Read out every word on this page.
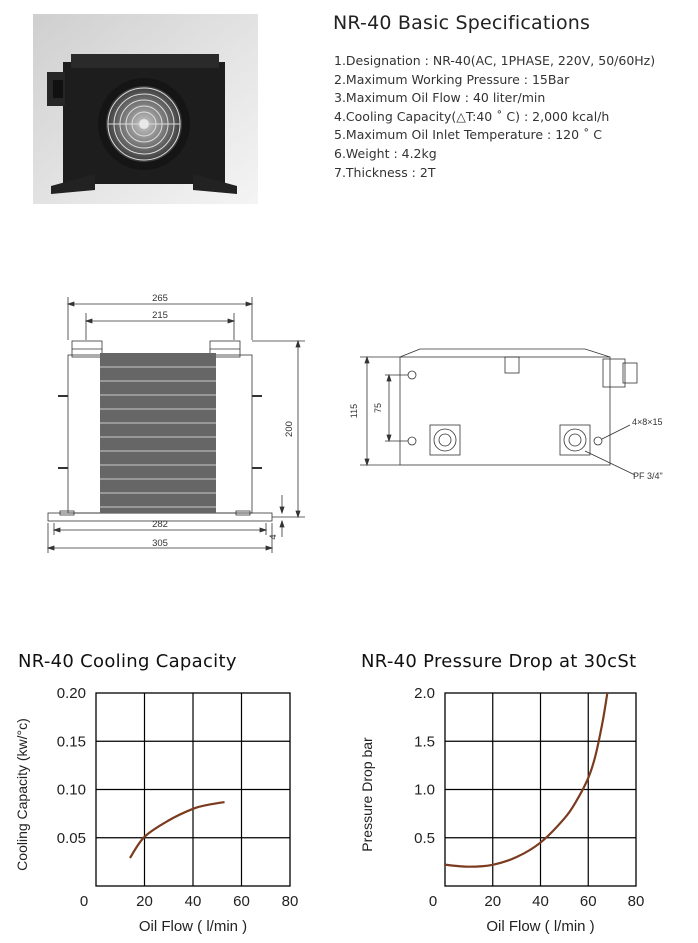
NR-40 Basic Specifications
1.Designation : NR-40(AC, 1PHASE, 220V, 50/60Hz)
2.Maximum Working Pressure : 15Bar
3.Maximum Oil Flow : 40 liter/min
4.Cooling Capacity(△T:40 ˚ C) : 2,000 kcal/h
5.Maximum Oil Inlet Temperature : 120 ˚ C
6.Weight : 4.2kg
7.Thickness : 2T
265
215
282
305
200
4
115 75
4×8×15
PF 3/4"
NR-40 Cooling Capacity	NR-40 Pressure Drop at 30cSt
0	20 40 60 80
0.20
0.15
0.10
0.05
Oil Flow ( l/min )
Cooling Capacity (kw/°c)
0	20 40 60 80
2.0
1.5
1.0
0.5
Oil Flow ( l/min )
Pressure Drop bar
